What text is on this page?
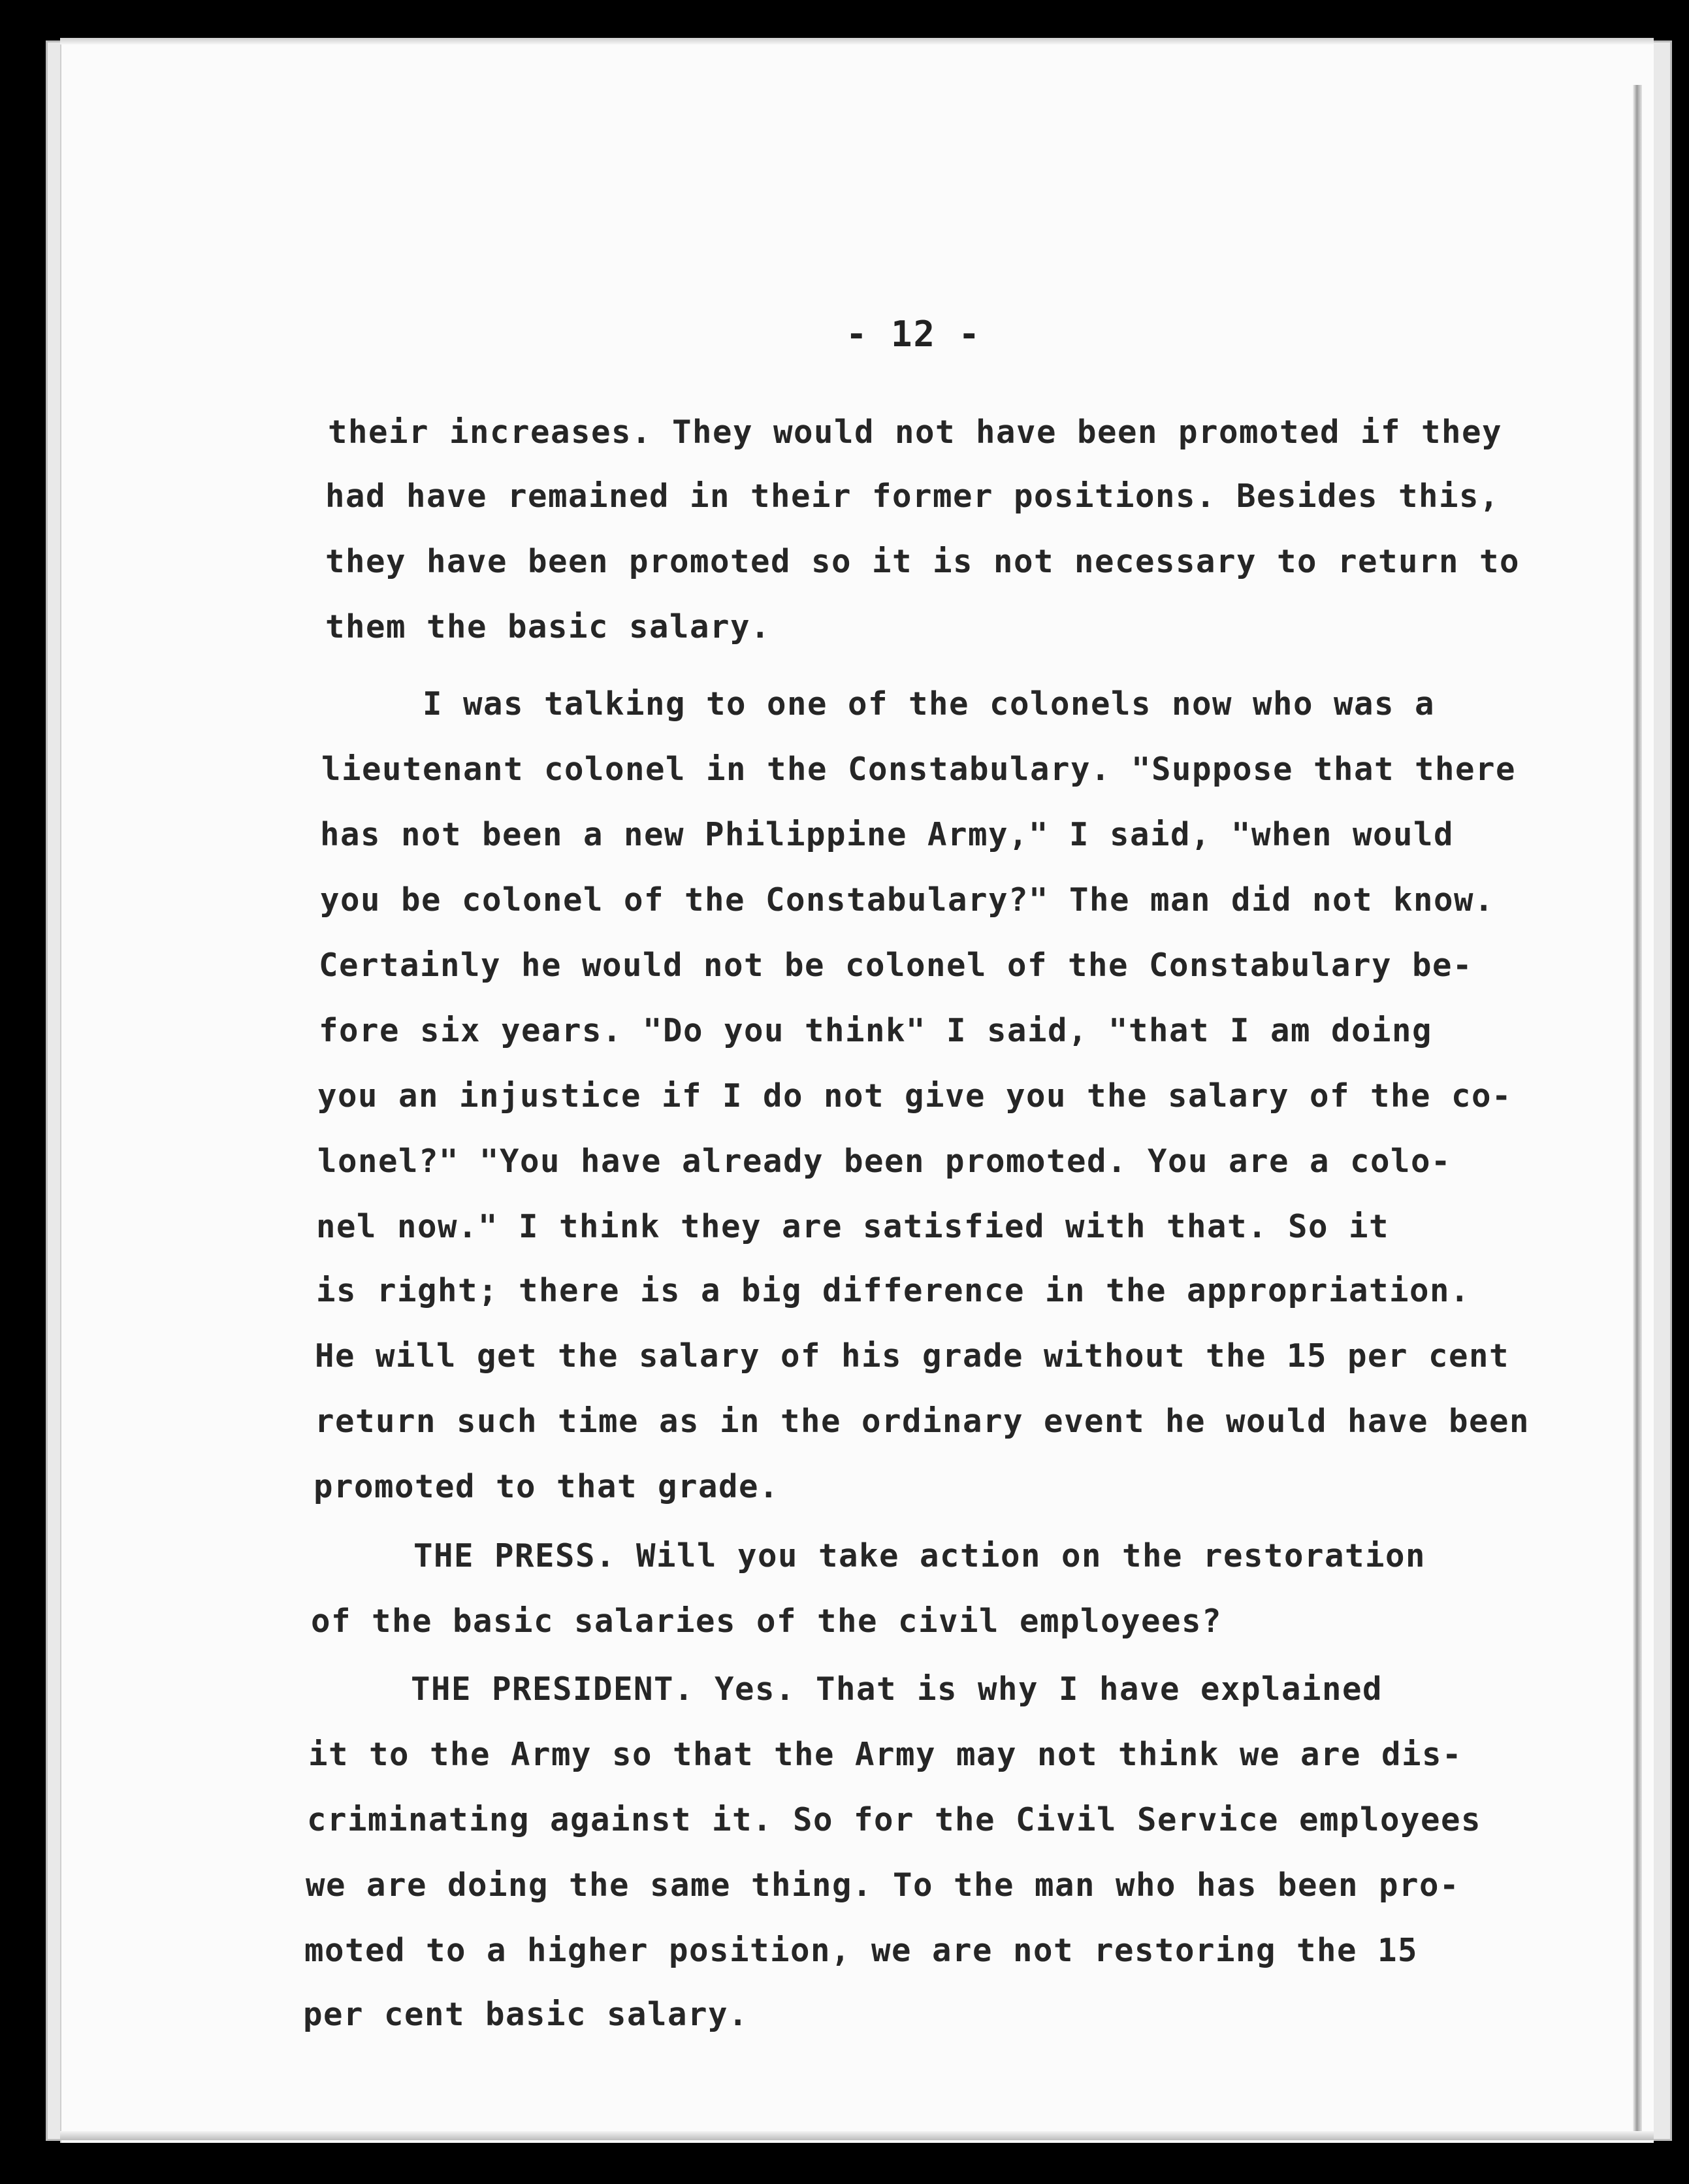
- 12 -
their increases. They would not have been promoted if they
had have remained in their former positions. Besides this,
they have been promoted so it is not necessary to return to
them the basic salary.
I was talking to one of the colonels now who was a
lieutenant colonel in the Constabulary. "Suppose that there
has not been a new Philippine Army," I said, "when would
you be colonel of the Constabulary?" The man did not know.
Certainly he would not be colonel of the Constabulary be-
fore six years. "Do you think" I said, "that I am doing
you an injustice if I do not give you the salary of the co-
lonel?" "You have already been promoted. You are a colo-
nel now." I think they are satisfied with that. So it
is right; there is a big difference in the appropriation.
He will get the salary of his grade without the 15 per cent
return such time as in the ordinary event he would have been
promoted to that grade.
THE PRESS. Will you take action on the restoration
of the basic salaries of the civil employees?
THE PRESIDENT. Yes. That is why I have explained
it to the Army so that the Army may not think we are dis-
criminating against it. So for the Civil Service employees
we are doing the same thing. To the man who has been pro-
moted to a higher position, we are not restoring the 15
per cent basic salary.
